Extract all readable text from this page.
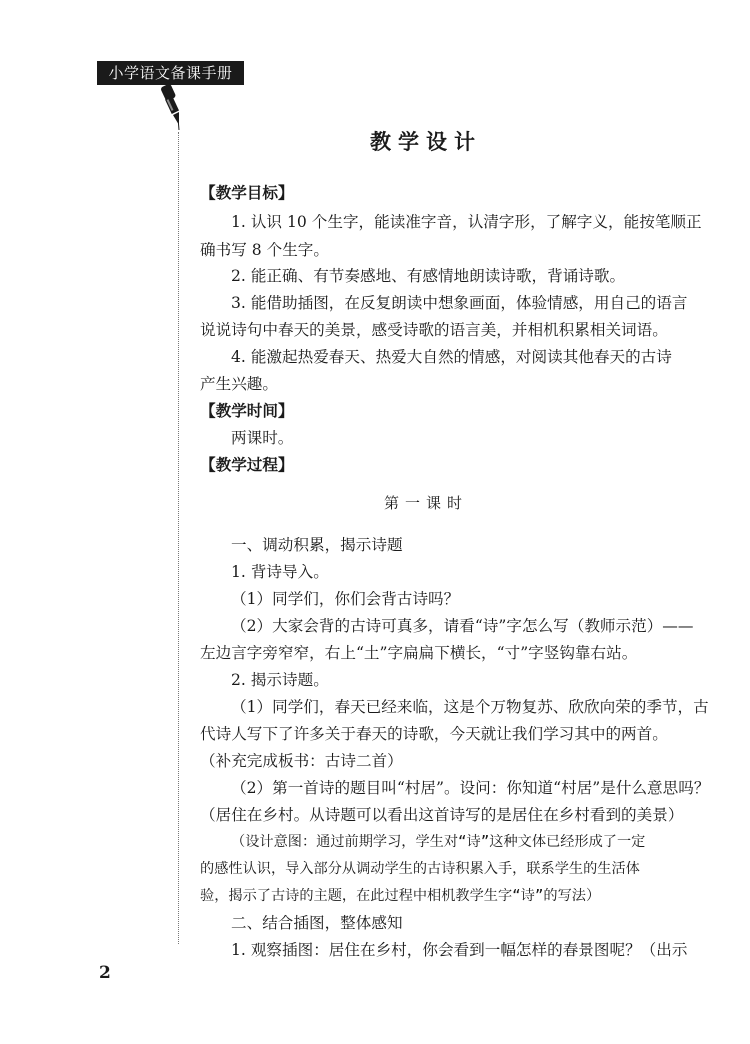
小学语文备课手册
教学设计
【教学目标】
1. 认识 10 个生字，能读准字音，认清字形，了解字义，能按笔顺正
确书写 8 个生字。
2. 能正确、有节奏感地、有感情地朗读诗歌，背诵诗歌。
3. 能借助插图，在反复朗读中想象画面，体验情感，用自己的语言
说说诗句中春天的美景，感受诗歌的语言美，并相机积累相关词语。
4. 能激起热爱春天、热爱大自然的情感，对阅读其他春天的古诗
产生兴趣。
【教学时间】
两课时。
【教学过程】
第一课时
一、调动积累，揭示诗题
1. 背诗导入。
（1）同学们，你们会背古诗吗？
（2）大家会背的古诗可真多，请看“诗”字怎么写（教师示范）——
左边言字旁窄窄，右上“土”字扁扁下横长，“寸”字竖钩靠右站。
2. 揭示诗题。
（1）同学们，春天已经来临，这是个万物复苏、欣欣向荣的季节，古
代诗人写下了许多关于春天的诗歌，今天就让我们学习其中的两首。
（补充完成板书：古诗二首）
（2）第一首诗的题目叫“村居”。设问：你知道“村居”是什么意思吗？
（居住在乡村。从诗题可以看出这首诗写的是居住在乡村看到的美景）
（设计意图：通过前期学习，学生对“诗”这种文体已经形成了一定
的感性认识，导入部分从调动学生的古诗积累入手，联系学生的生活体
验，揭示了古诗的主题，在此过程中相机教学生字“诗”的写法）
二、结合插图，整体感知
1. 观察插图：居住在乡村，你会看到一幅怎样的春景图呢？（出示
2
